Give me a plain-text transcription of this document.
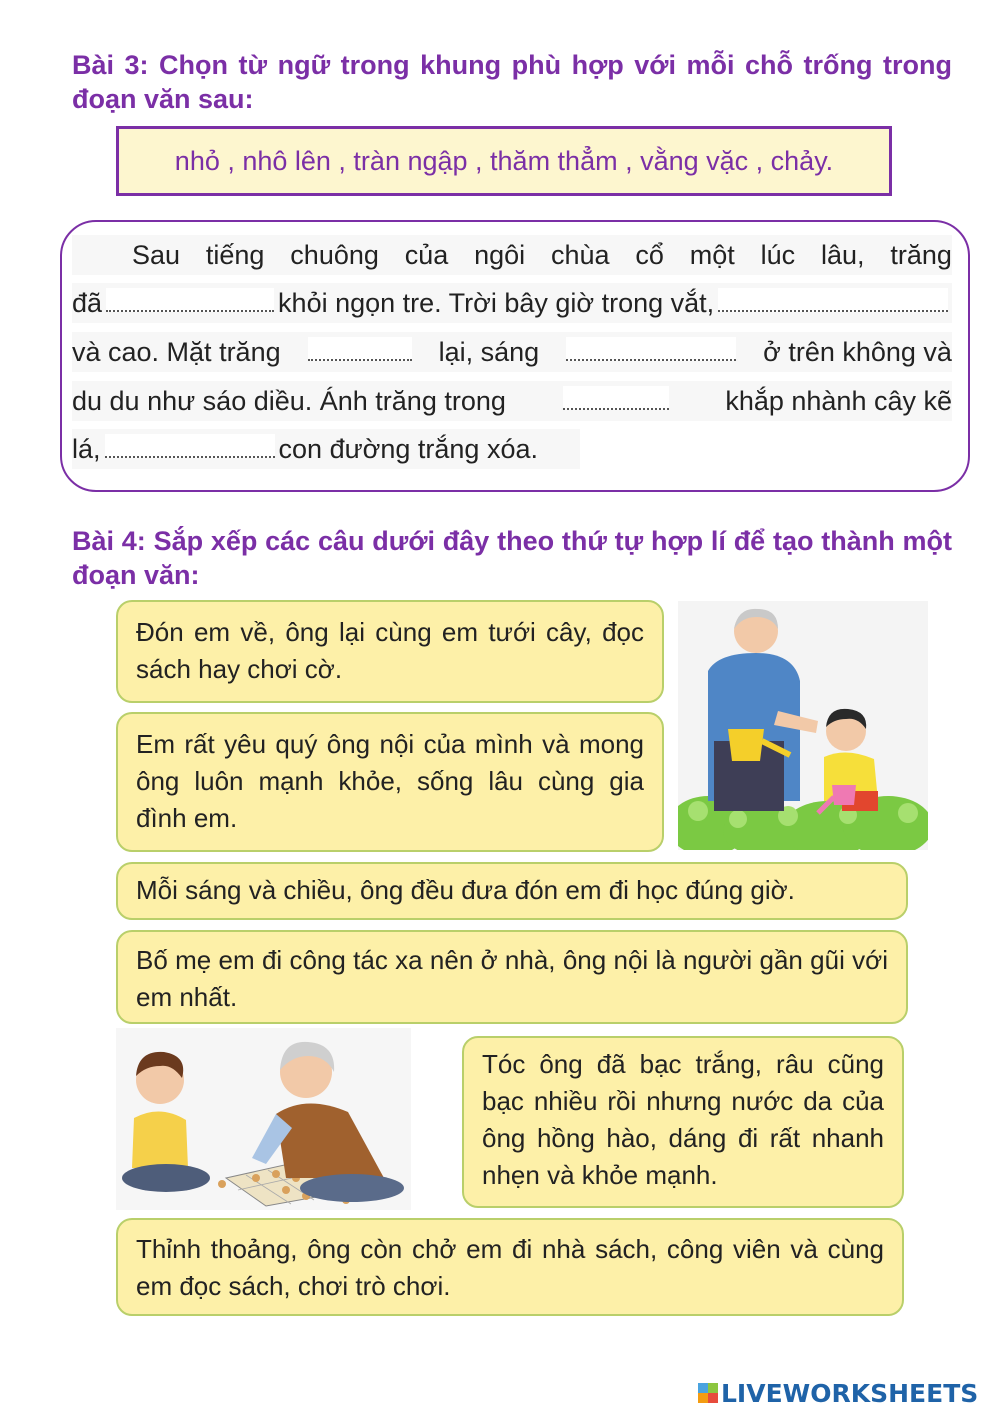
Bài 3: Chọn từ ngữ trong khung phù hợp với mỗi chỗ trống trong đoạn văn sau:
nhỏ , nhô lên , tràn ngập , thăm thẳm , vằng vặc , chảy.
Sau tiếng chuông của ngôi chùa cổ một lúc lâu, trăng
đã	khỏi ngọn tre. Trời bây giờ trong vắt,
và cao. Mặt trăng	lại, sáng	ở trên không và
du du như sáo diều. Ánh trăng trong	khắp nhành cây kẽ
lá,	con đường trắng xóa.
Bài 4: Sắp xếp các câu dưới đây theo thứ tự hợp lí để tạo thành một đoạn văn:
Đón em về, ông lại cùng em tưới cây, đọc sách hay chơi cờ.
Em rất yêu quý ông nội của mình và mong ông luôn mạnh khỏe, sống lâu cùng gia đình em.
Mỗi sáng và chiều, ông đều đưa đón em đi học đúng giờ.
Bố mẹ em đi công tác xa nên ở nhà, ông nội là người gần gũi với em nhất.
Tóc ông đã bạc trắng, râu cũng bạc nhiều rồi nhưng nước da của ông hồng hào, dáng đi rất nhanh nhẹn và khỏe mạnh.
Thỉnh thoảng, ông còn chở em đi nhà sách, công viên và cùng em đọc sách, chơi trò chơi.
LIVEWORKSHEETS
